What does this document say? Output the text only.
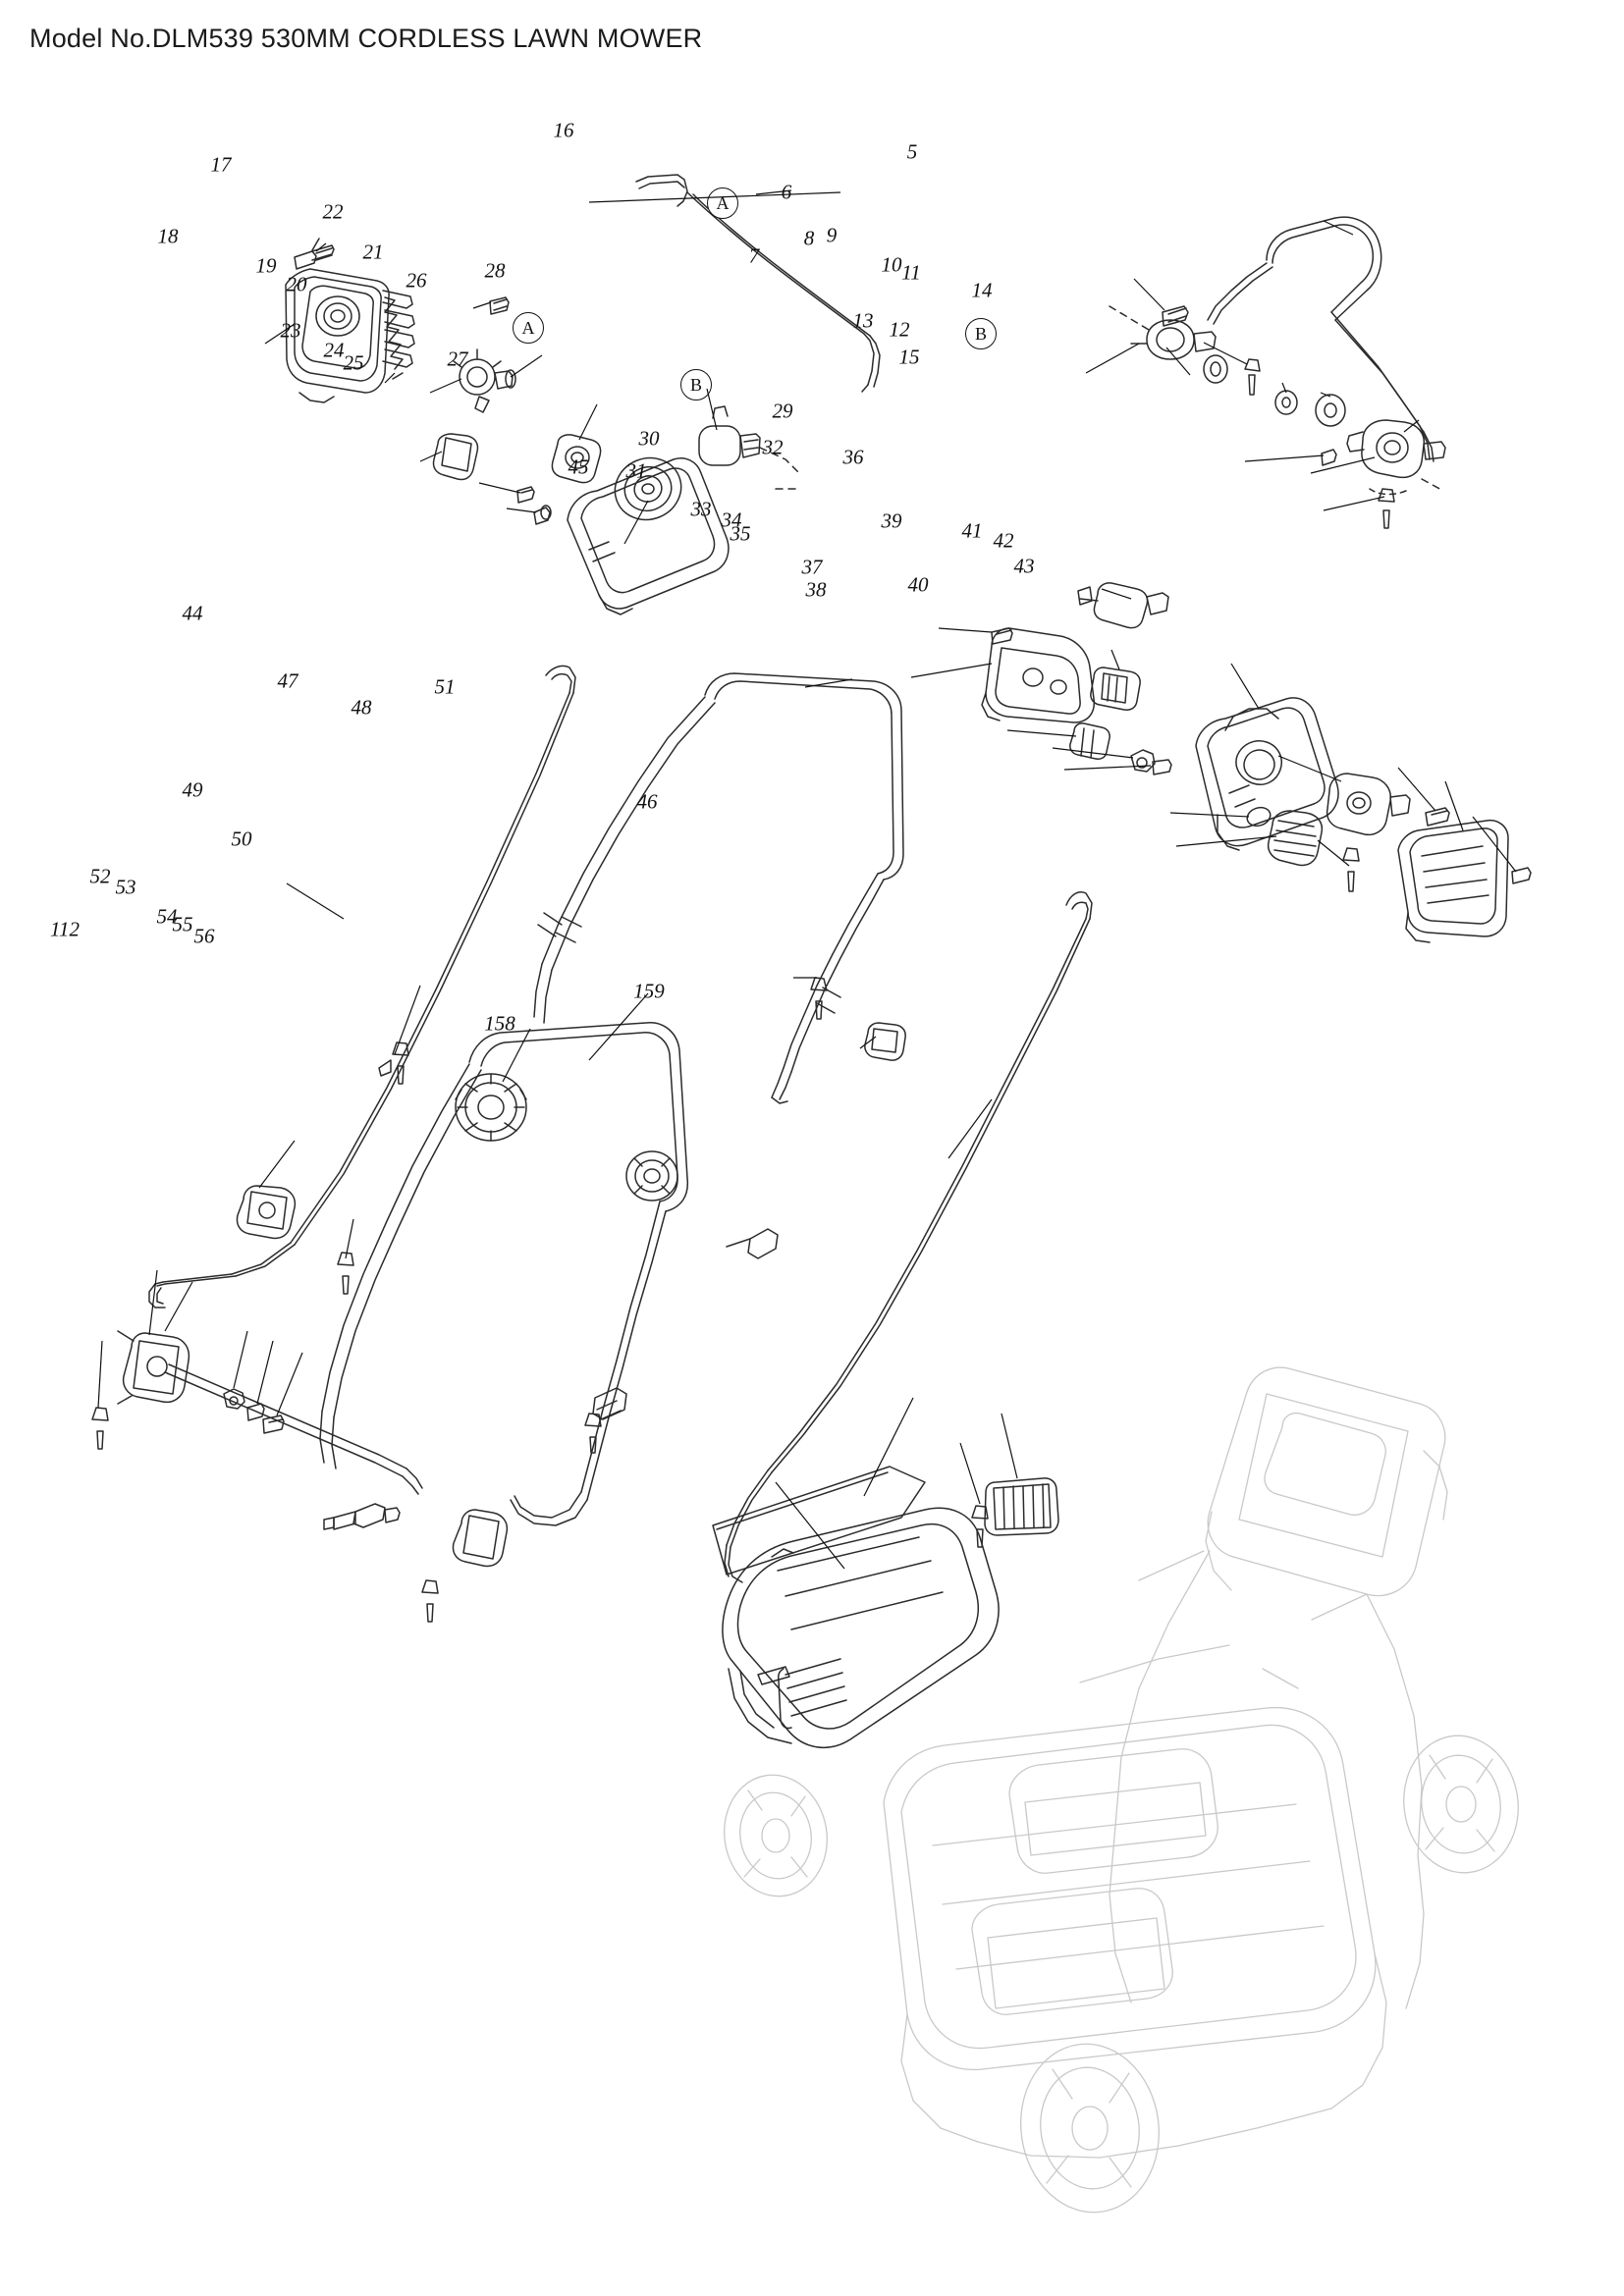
Model No.DLM539 530MM CORDLESS LAWN MOWER
A
A
B
B
5
6
7
8 9
10 11
12
13
14
15
16
17
18
19
20
21
22
23
24
25
26
27
28
29
30
31
32
33 34
35
36
37
38
39
40
41 42
43
44
45
46
47
48
49
50
51
52 53
54
55 56
112
158
159
